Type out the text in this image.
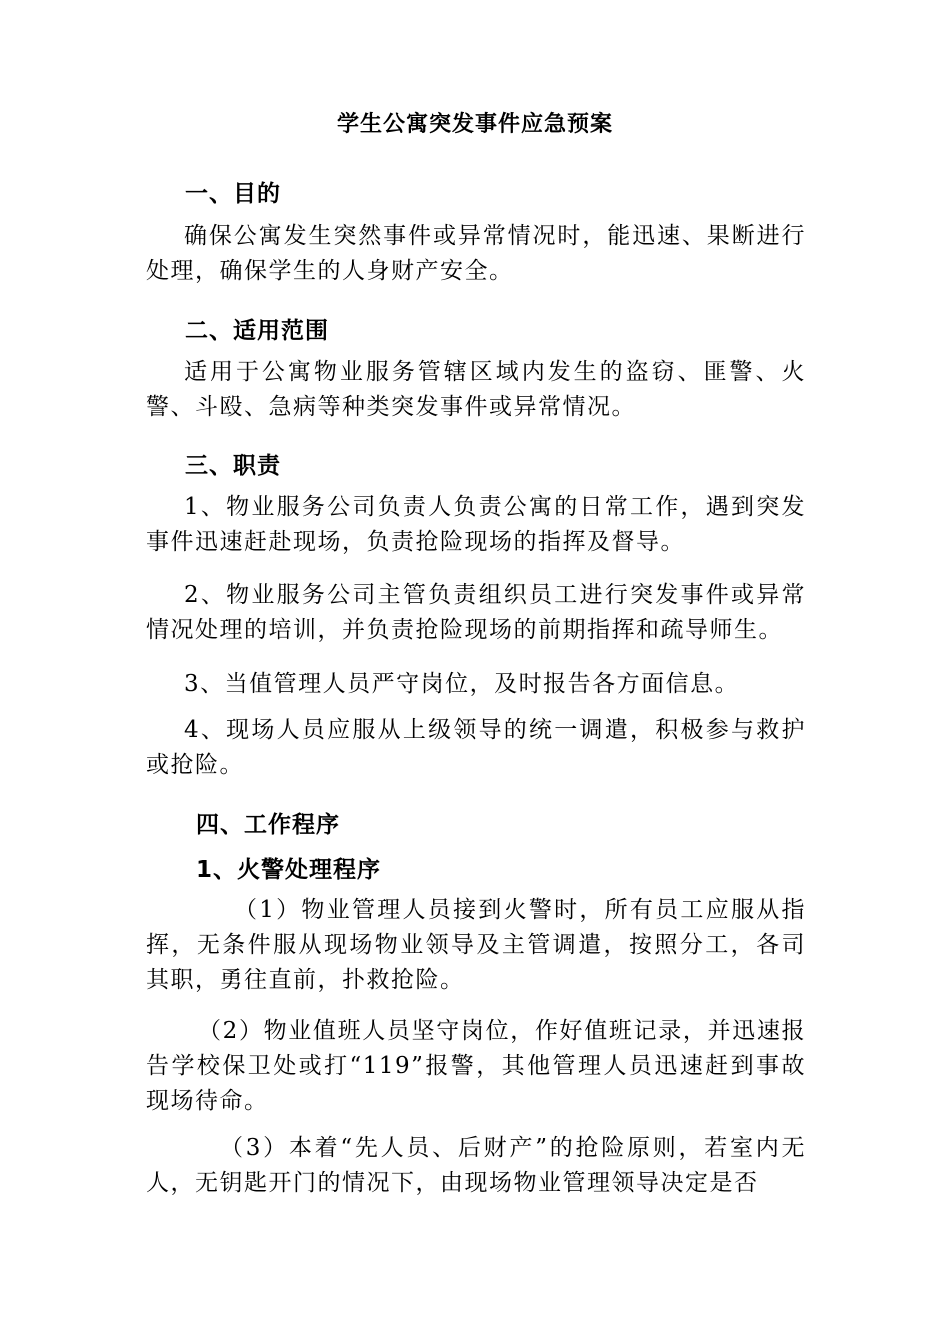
学生公寓突发事件应急预案
一、目的
确保公寓发生突然事件或异常情况时，能迅速、果断进行处理，确保学生的人身财产安全。
二、适用范围
适用于公寓物业服务管辖区域内发生的盗窃、匪警、火警、斗殴、急病等种类突发事件或异常情况。
三、职责
1、物业服务公司负责人负责公寓的日常工作，遇到突发事件迅速赶赴现场，负责抢险现场的指挥及督导。
2、物业服务公司主管负责组织员工进行突发事件或异常情况处理的培训，并负责抢险现场的前期指挥和疏导师生。
3、当值管理人员严守岗位，及时报告各方面信息。
4、现场人员应服从上级领导的统一调遣，积极参与救护或抢险。
四、工作程序
1、火警处理程序
（1）物业管理人员接到火警时，所有员工应服从指挥，无条件服从现场物业领导及主管调遣，按照分工，各司其职，勇往直前，扑救抢险。
（2）物业值班人员坚守岗位，作好值班记录，并迅速报告学校保卫处或打“119”报警，其他管理人员迅速赶到事故现场待命。
（3）本着“先人员、后财产”的抢险原则，若室内无人，无钥匙开门的情况下，由现场物业管理领导决定是否
